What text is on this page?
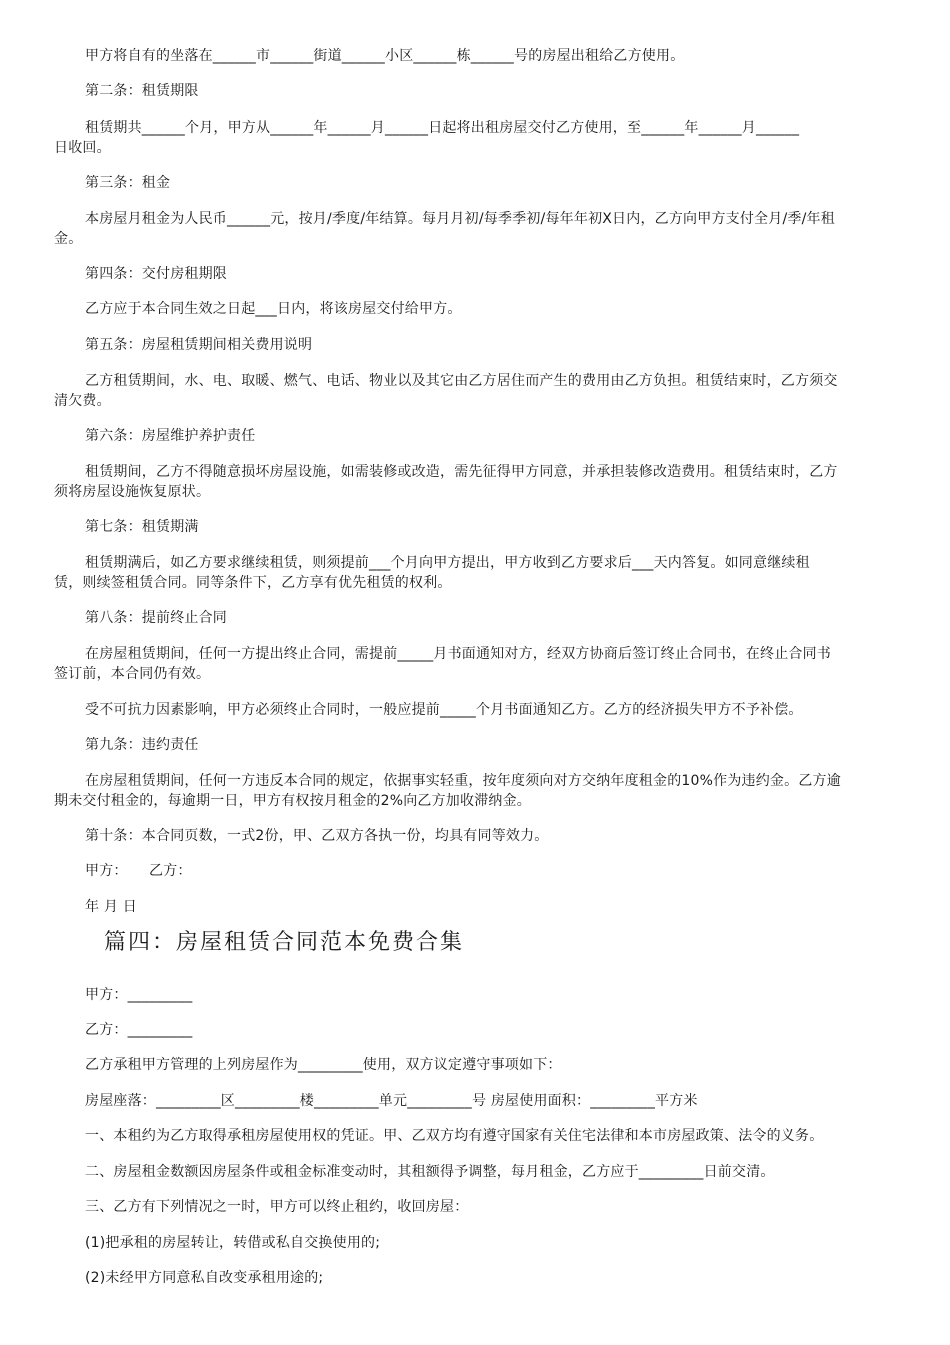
甲方将自有的坐落在______市______街道______小区______栋______号的房屋出租给乙方使用。
第二条：租赁期限
租赁期共______个月，甲方从______年______月______日起将出租房屋交付乙方使用，至______年______月______
日收回。
第三条：租金
本房屋月租金为人民币______元，按月/季度/年结算。每月月初/每季季初/每年年初X日内，乙方向甲方支付全月/季/年租
金。
第四条：交付房租期限
乙方应于本合同生效之日起___日内，将该房屋交付给甲方。
第五条：房屋租赁期间相关费用说明
乙方租赁期间，水、电、取暖、燃气、电话、物业以及其它由乙方居住而产生的费用由乙方负担。租赁结束时，乙方须交
清欠费。
第六条：房屋维护养护责任
租赁期间，乙方不得随意损坏房屋设施，如需装修或改造，需先征得甲方同意，并承担装修改造费用。租赁结束时，乙方
须将房屋设施恢复原状。
第七条：租赁期满
租赁期满后，如乙方要求继续租赁，则须提前___个月向甲方提出，甲方收到乙方要求后___天内答复。如同意继续租
赁，则续签租赁合同。同等条件下，乙方享有优先租赁的权利。
第八条：提前终止合同
在房屋租赁期间，任何一方提出终止合同，需提前_____月书面通知对方，经双方协商后签订终止合同书，在终止合同书
签订前，本合同仍有效。
受不可抗力因素影响，甲方必须终止合同时，一般应提前_____个月书面通知乙方。乙方的经济损失甲方不予补偿。
第九条：违约责任
在房屋租赁期间，任何一方违反本合同的规定，依据事实轻重，按年度须向对方交纳年度租金的10%作为违约金。乙方逾
期未交付租金的，每逾期一日，甲方有权按月租金的2%向乙方加收滞纳金。
第十条：本合同页数，一式2份，甲、乙双方各执一份，均具有同等效力。
甲方：　　乙方：
年 月 日
篇四：房屋租赁合同范本免费合集
甲方：_________
乙方：_________
乙方承租甲方管理的上列房屋作为_________使用，双方议定遵守事项如下：
房屋座落：_________区_________楼_________单元_________号 房屋使用面积：_________平方米
一、本租约为乙方取得承租房屋使用权的凭证。甲、乙双方均有遵守国家有关住宅法律和本市房屋政策、法令的义务。
二、房屋租金数额因房屋条件或租金标准变动时，其租额得予调整，每月租金，乙方应于_________日前交清。
三、乙方有下列情况之一时，甲方可以终止租约，收回房屋：
(1)把承租的房屋转让，转借或私自交换使用的;
(2)未经甲方同意私自改变承租用途的;
